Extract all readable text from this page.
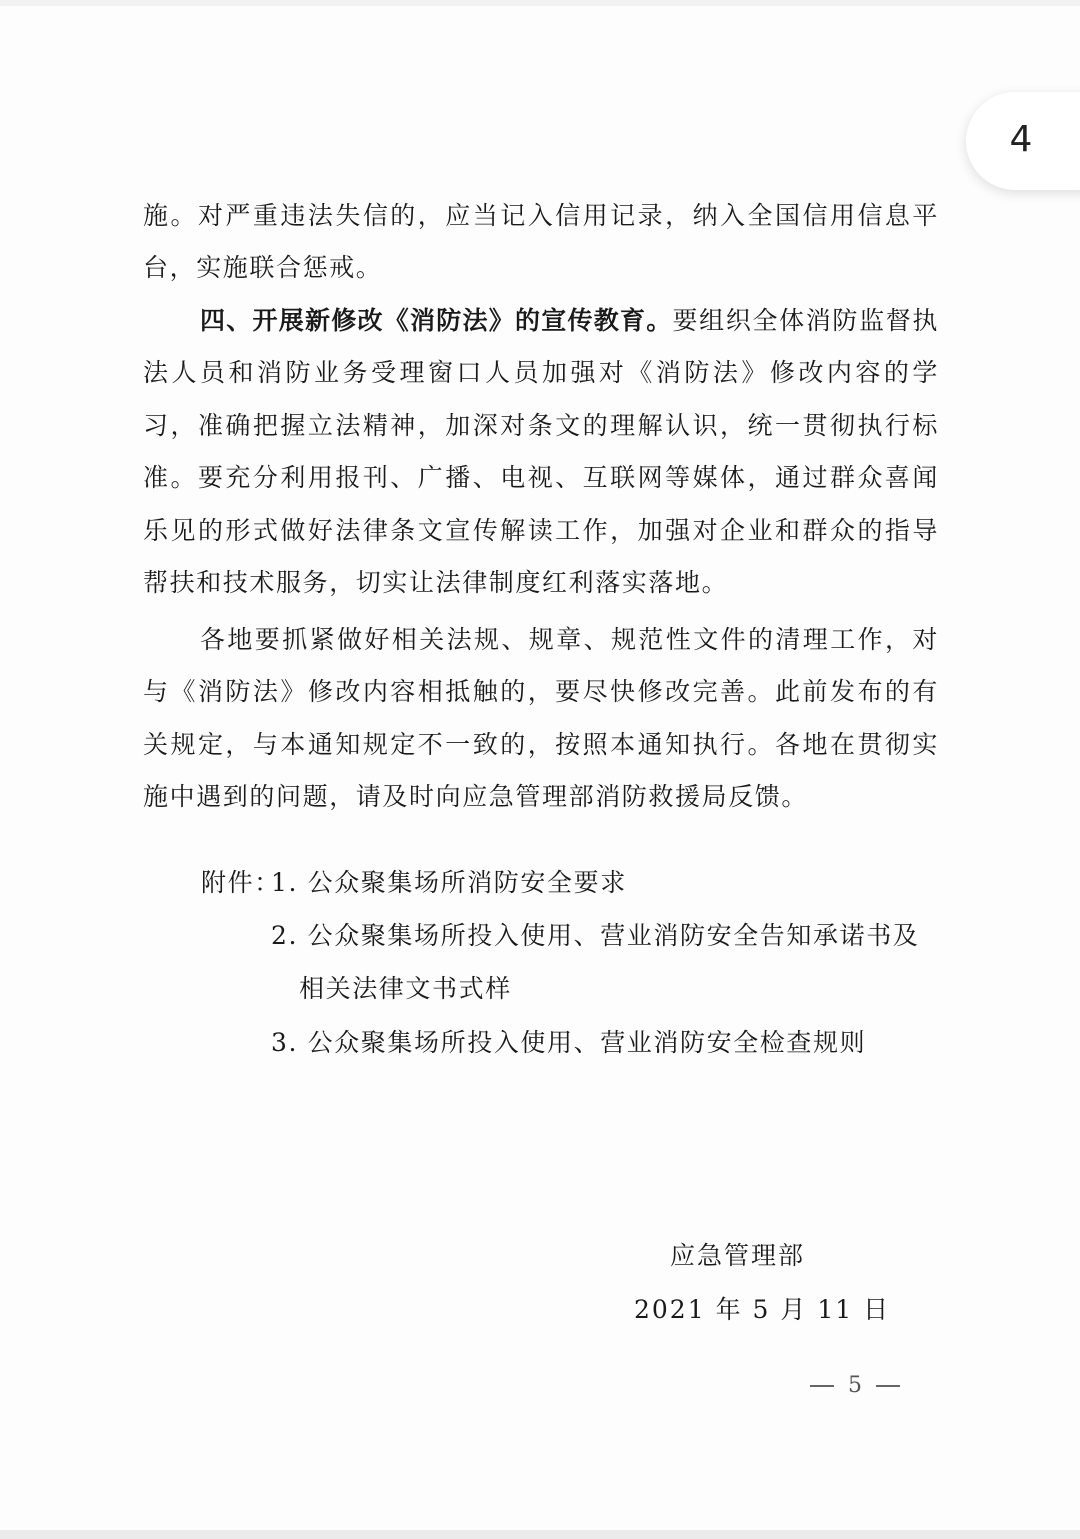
施。对严重违法失信的，应当记入信用记录，纳入全国信用信息平台，实施联合惩戒。

四、开展新修改《消防法》的宣传教育。要组织全体消防监督执法人员和消防业务受理窗口人员加强对《消防法》修改内容的学习，准确把握立法精神，加深对条文的理解认识，统一贯彻执行标准。要充分利用报刊、广播、电视、互联网等媒体，通过群众喜闻乐见的形式做好法律条文宣传解读工作，加强对企业和群众的指导帮扶和技术服务，切实让法律制度红利落实落地。

各地要抓紧做好相关法规、规章、规范性文件的清理工作，对与《消防法》修改内容相抵触的，要尽快修改完善。此前发布的有关规定，与本通知规定不一致的，按照本通知执行。各地在贯彻实施中遇到的问题，请及时向应急管理部消防救援局反馈。

附件：
1. 公众聚集场所消防安全要求
2. 公众聚集场所投入使用、营业消防安全告知承诺书及
相关法律文书式样
3. 公众聚集场所投入使用、营业消防安全检查规则
应急管理部
2021 年 5 月 11 日
5
4
